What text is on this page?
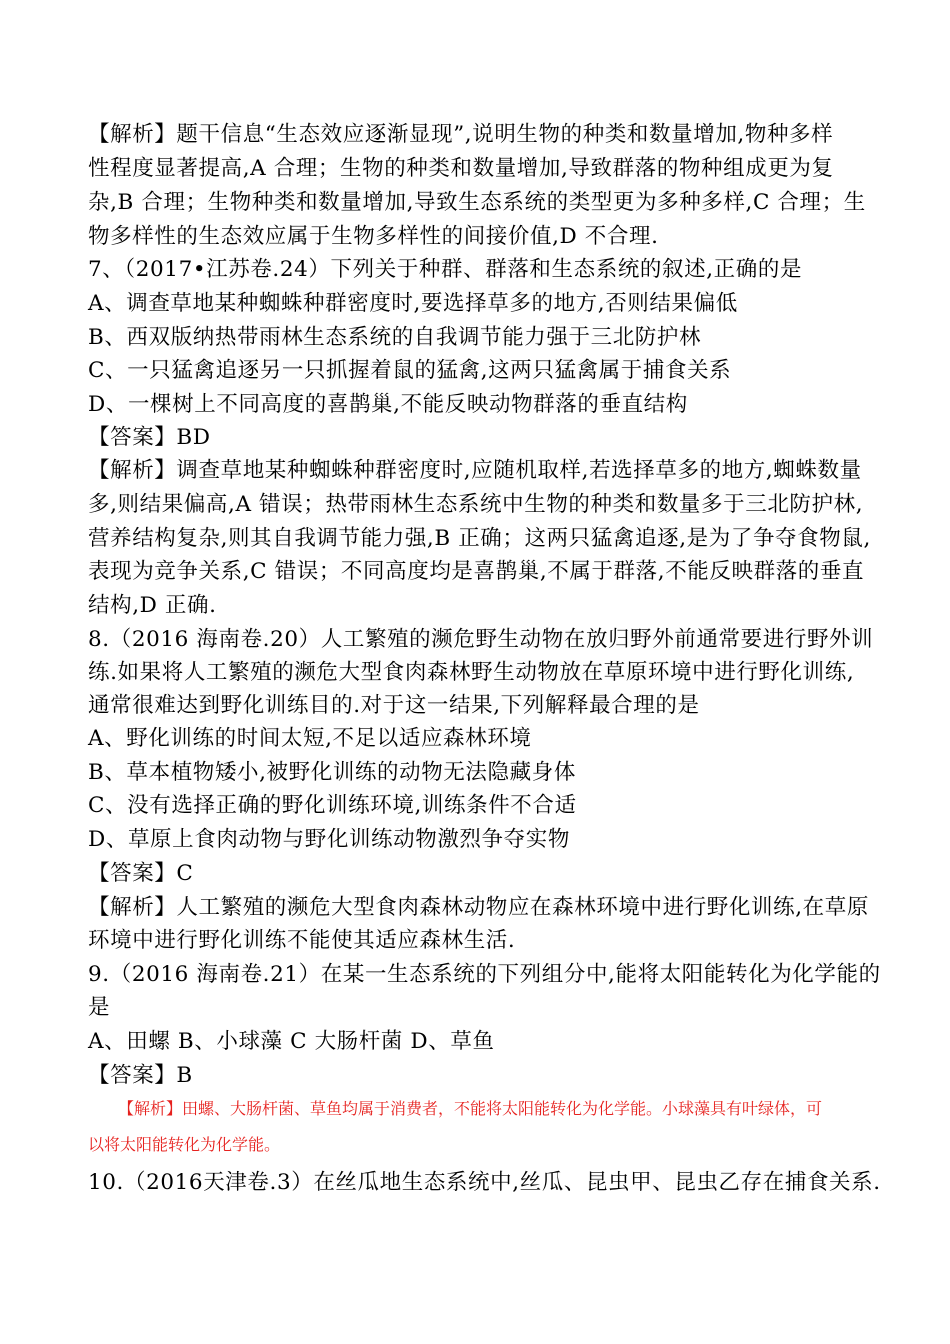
【解析】题干信息“生态效应逐渐显现”,说明生物的种类和数量增加,物种多样
性程度显著提高,A 合理；生物的种类和数量增加,导致群落的物种组成更为复
杂,B 合理；生物种类和数量增加,导致生态系统的类型更为多种多样,C 合理；生
物多样性的生态效应属于生物多样性的间接价值,D 不合理.
7、（2017•江苏卷.24）下列关于种群、群落和生态系统的叙述,正确的是
A、调查草地某种蜘蛛种群密度时,要选择草多的地方,否则结果偏低
B、西双版纳热带雨林生态系统的自我调节能力强于三北防护林
C、一只猛禽追逐另一只抓握着鼠的猛禽,这两只猛禽属于捕食关系
D、一棵树上不同高度的喜鹊巢,不能反映动物群落的垂直结构
【答案】BD
【解析】调查草地某种蜘蛛种群密度时,应随机取样,若选择草多的地方,蜘蛛数量
多,则结果偏高,A 错误；热带雨林生态系统中生物的种类和数量多于三北防护林,
营养结构复杂,则其自我调节能力强,B 正确；这两只猛禽追逐,是为了争夺食物鼠,
表现为竞争关系,C 错误；不同高度均是喜鹊巢,不属于群落,不能反映群落的垂直
结构,D 正确.
8.（2016 海南卷.20）人工繁殖的濒危野生动物在放归野外前通常要进行野外训
练.如果将人工繁殖的濒危大型食肉森林野生动物放在草原环境中进行野化训练,
通常很难达到野化训练目的.对于这一结果,下列解释最合理的是
A、野化训练的时间太短,不足以适应森林环境
B、草本植物矮小,被野化训练的动物无法隐藏身体
C、没有选择正确的野化训练环境,训练条件不合适
D、草原上食肉动物与野化训练动物激烈争夺实物
【答案】C
【解析】人工繁殖的濒危大型食肉森林动物应在森林环境中进行野化训练,在草原
环境中进行野化训练不能使其适应森林生活.
9.（2016 海南卷.21）在某一生态系统的下列组分中,能将太阳能转化为化学能的
是
A、田螺 B、小球藻 C 大肠杆菌 D、草鱼
【答案】B
【解析】田螺、大肠杆菌、草鱼均属于消费者，不能将太阳能转化为化学能。小球藻具有叶绿体，可
以将太阳能转化为化学能。
10.（2016天津卷.3）在丝瓜地生态系统中,丝瓜、昆虫甲、昆虫乙存在捕食关系.
